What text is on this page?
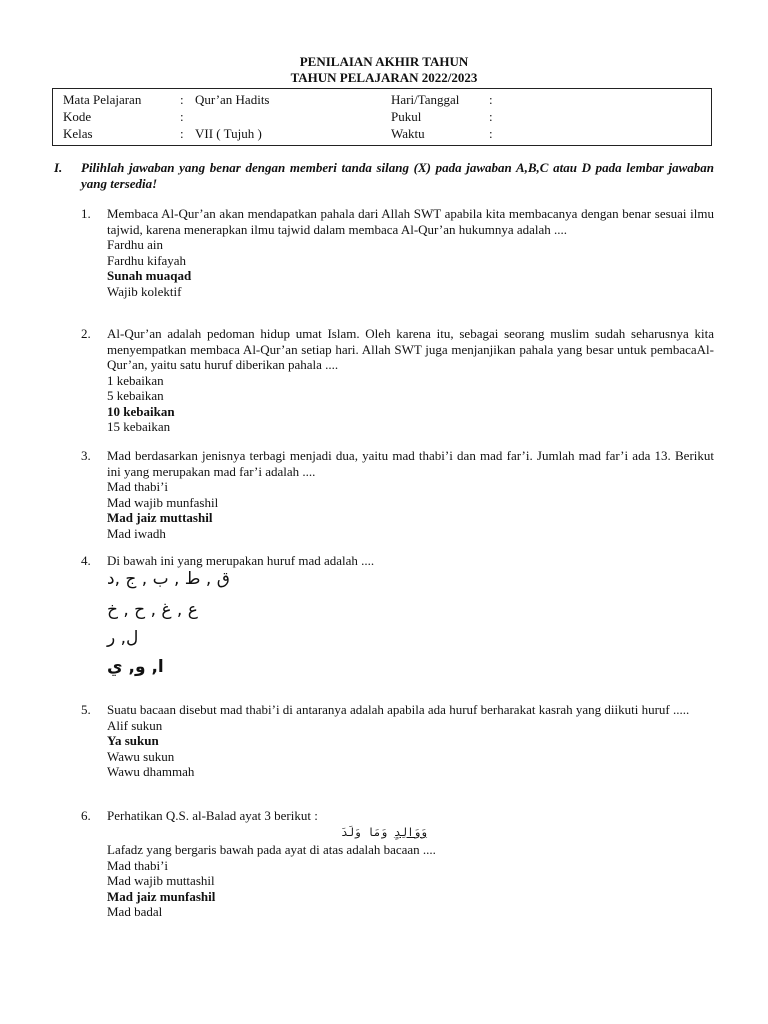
PENILAIAN AKHIR TAHUN
TAHUN PELAJARAN 2022/2023
Mata Pelajaran	: Qur’an Hadits	Hari/Tanggal :
Kode	:	Pukul	:
Kelas	: VII ( Tujuh )	Waktu	:
I. Pilihlah jawaban yang benar dengan memberi tanda silang (X) pada jawaban A,B,C atau D pada lembar jawaban yang tersedia!
1. Membaca Al-Qur’an akan mendapatkan pahala dari Allah SWT apabila kita membacanya dengan benar sesuai ilmu tajwid, karena menerapkan ilmu tajwid dalam membaca Al-Qur’an hukumnya adalah ....
Fardhu ain
Fardhu kifayah
Sunah muaqad
Wajib kolektif
2. Al-Qur’an adalah pedoman hidup umat Islam. Oleh karena itu, sebagai seorang muslim sudah seharusnya kita menyempatkan membaca Al-Qur’an setiap hari. Allah SWT juga menjanjikan pahala yang besar untuk pembacaAl-Qur’an, yaitu satu huruf diberikan pahala ....
1 kebaikan
5 kebaikan
10 kebaikan
15 kebaikan
3. Mad berdasarkan jenisnya terbagi menjadi dua, yaitu mad thabi’i dan mad far’i. Jumlah mad far’i ada 13. Berikut ini yang merupakan mad far’i adalah ....
Mad thabi’i
Mad wajib munfashil
Mad jaiz muttashil
Mad iwadh
4. Di bawah ini yang merupakan huruf mad adalah ....
ق , ط , ب , ج ,د
ع , غ , ح , خ
ل, ر
ا, و, ي
5. Suatu bacaan disebut mad thabi’i di antaranya adalah apabila ada huruf berharakat kasrah yang diikuti huruf .....
Alif sukun
Ya sukun
Wawu sukun
Wawu dhammah
6. Perhatikan Q.S. al-Balad ayat 3 berikut :
وَوَالِدٍ وَمَا وَلَدَ
Lafadz yang bergaris bawah pada ayat di atas adalah bacaan ....
Mad thabi’i
Mad wajib muttashil
Mad jaiz munfashil
Mad badal
